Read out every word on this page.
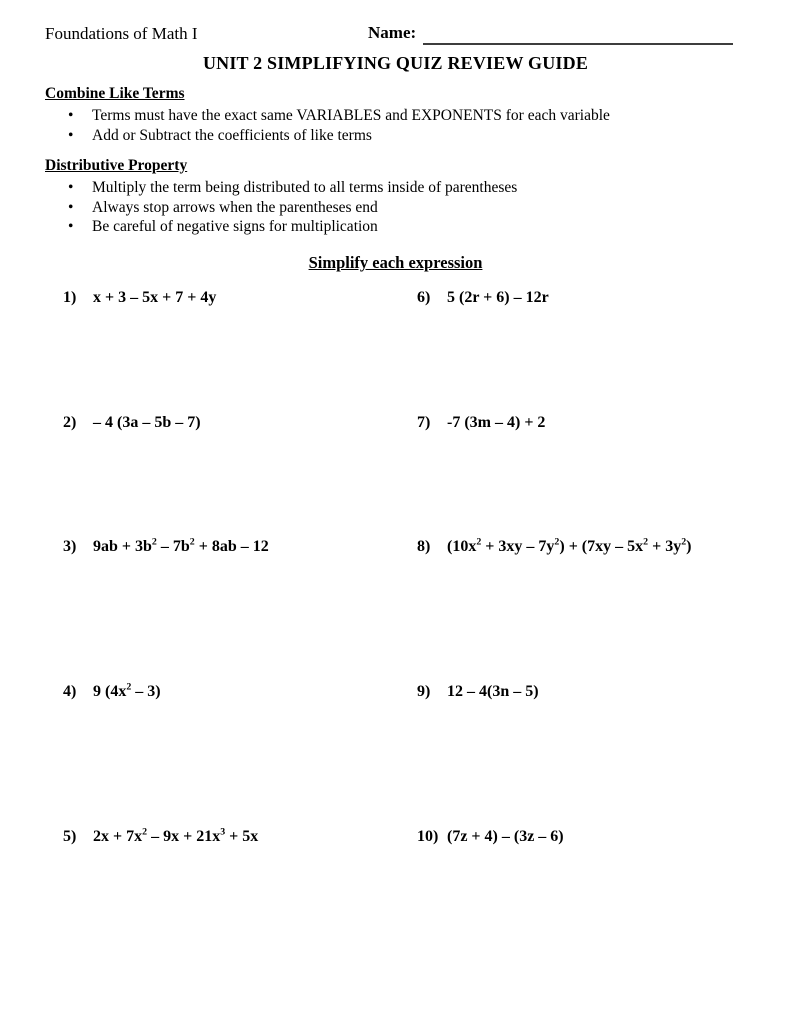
Foundations of Math I	Name:
UNIT 2 SIMPLIFYING QUIZ REVIEW GUIDE
Combine Like Terms
• Terms must have the exact same VARIABLES and EXPONENTS for each variable
• Add or Subtract the coefficients of like terms
Distributive Property
• Multiply the term being distributed to all terms inside of parentheses
• Always stop arrows when the parentheses end
• Be careful of negative signs for multiplication
Simplify each expression
1)	x + 3 – 5x + 7 + 4y
2)	– 4 (3a – 5b – 7)
3)	$9ab + 3b^2 - 7b^2 + 8ab - 12$
4)	9 $(4x^2 - 3)$
5)	$2x + 7x^2 - 9x + 21x^3 + 5x$
6)	5 (2r + 6) – 12r
7)	-7 (3m – 4) + 2
8)	$(10x^2 + 3xy - 7y^2) + (7xy - 5x^2 + 3y^2)$
9)	12 – 4(3n – 5)
10) (7z + 4) – (3z – 6)
